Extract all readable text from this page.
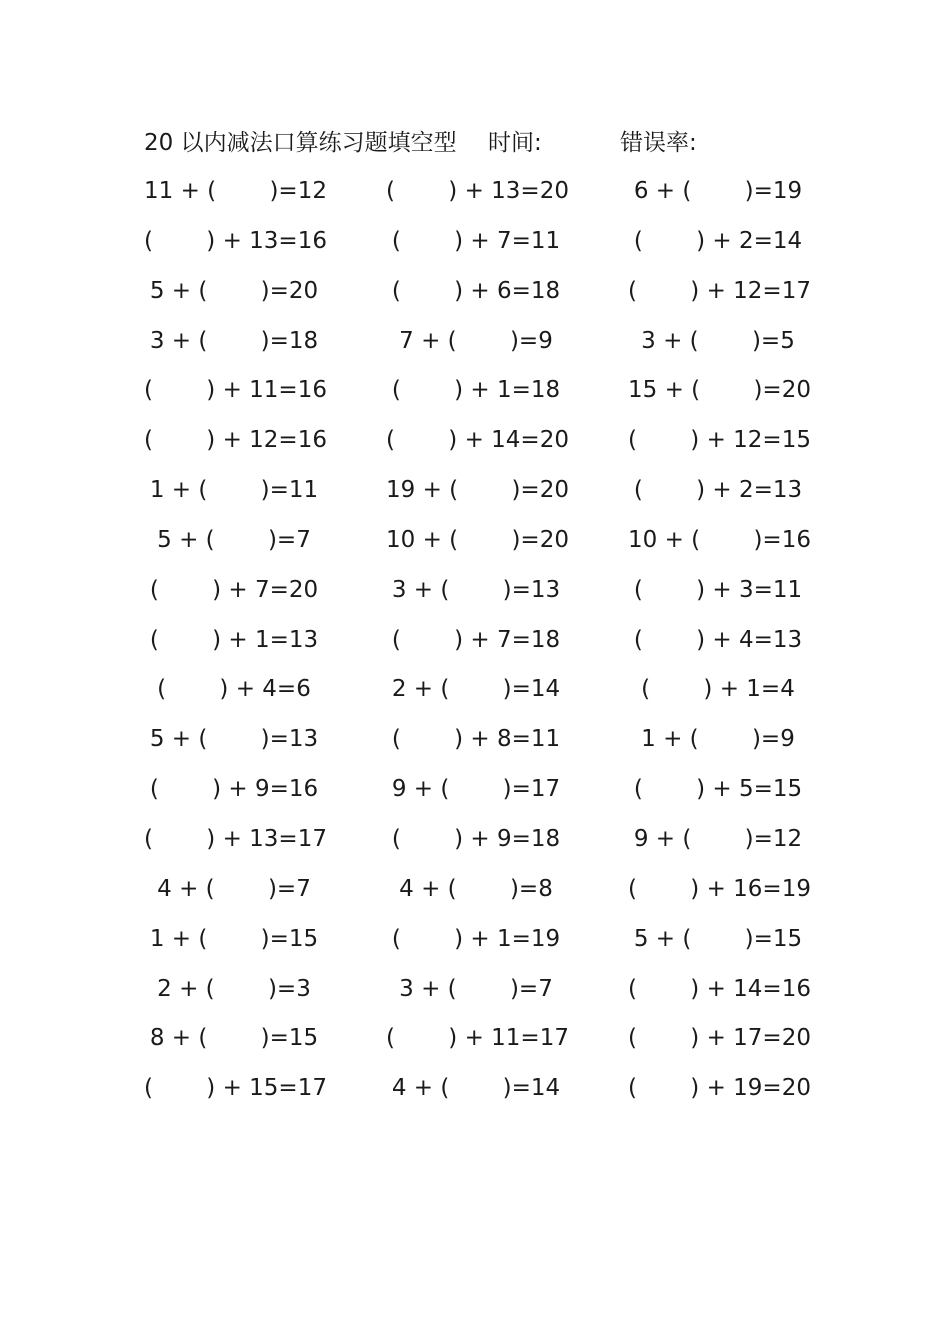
20 以内减法口算练习题填空型 时间:	错误率:
11 + (　　 )=12	(　　 ) + 13=20	6 + (　　 )=19
(　　 ) + 13=16	(　　 ) + 7=11	(　　 ) + 2=14
5 + (　　 )=20	(　　 ) + 6=18	(　　 ) + 12=17
3 + (　　 )=18	7 + (　　 )=9	3 + (　　 )=5
(　　 ) + 11=16	(　　 ) + 1=18	15 + (　　 )=20
(　　 ) + 12=16	(　　 ) + 14=20	(　　 ) + 12=15
1 + (　　 )=11	19 + (　　 )=20	(　　 ) + 2=13
5 + (　　 )=7	10 + (　　 )=20	10 + (　　 )=16
(　　 ) + 7=20	3 + (　　 )=13	(　　 ) + 3=11
(　　 ) + 1=13	(　　 ) + 7=18	(　　 ) + 4=13
(　　 ) + 4=6	2 + (　　 )=14	(　　 ) + 1=4
5 + (　　 )=13	(　　 ) + 8=11	1 + (　　 )=9
(　　 ) + 9=16	9 + (　　 )=17	(　　 ) + 5=15
(　　 ) + 13=17	(　　 ) + 9=18	9 + (　　 )=12
4 + (　　 )=7	4 + (　　 )=8	(　　 ) + 16=19
1 + (　　 )=15	(　　 ) + 1=19	5 + (　　 )=15
2 + (　　 )=3	3 + (　　 )=7	(　　 ) + 14=16
8 + (　　 )=15	(　　 ) + 11=17	(　　 ) + 17=20
(　　 ) + 15=17	4 + (　　 )=14	(　　 ) + 19=20
